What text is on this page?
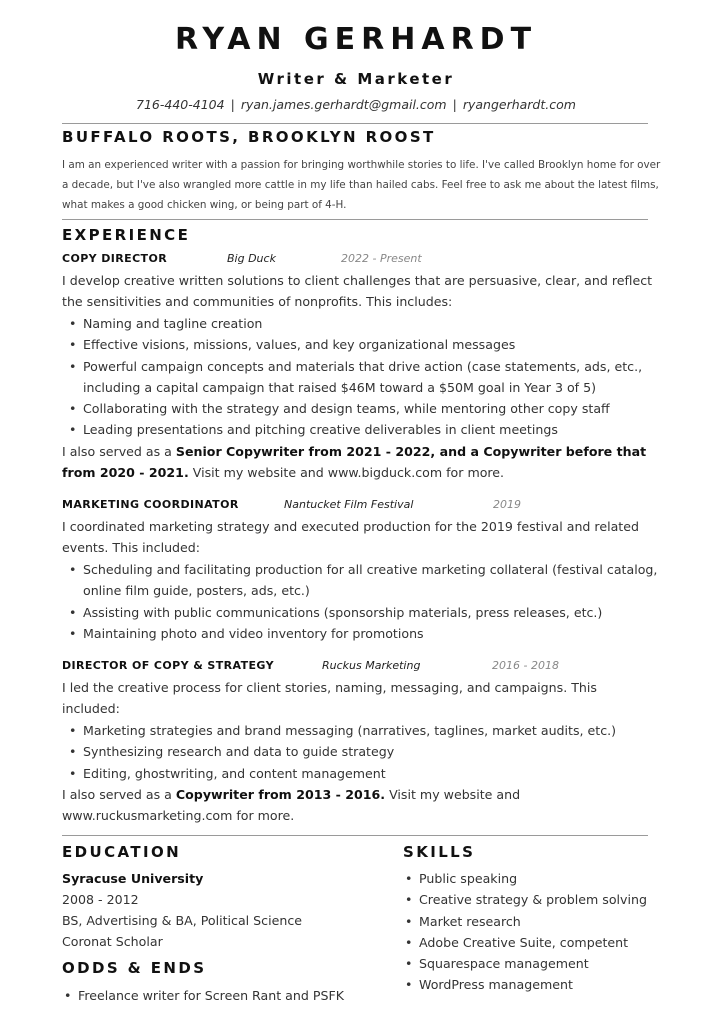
RYAN GERHARDT
Writer & Marketer
716-440-4104 | ryan.james.gerhardt@gmail.com | ryangerhardt.com
BUFFALO ROOTS, BROOKLYN ROOST

I am an experienced writer with a passion for bringing worthwhile stories to life. I've called Brooklyn home for over a decade, but I've also wrangled more cattle in my life than hailed cabs. Feel free to ask me about the latest films, what makes a good chicken wing, or being part of 4-H.

EXPERIENCE
COPY DIRECTOR	Big Duck	2022 - Present

I develop creative written solutions to client challenges that are persuasive, clear, and reflect the sensitivities and communities of nonprofits. This includes:

• Naming and tagline creation
• Effective visions, missions, values, and key organizational messages
• Powerful campaign concepts and materials that drive action (case statements, ads, etc., including a capital campaign that raised $46M toward a $50M goal in Year 3 of 5)
• Collaborating with the strategy and design teams, while mentoring other copy staff
• Leading presentations and pitching creative deliverables in client meetings

I also served as a Senior Copywriter from 2021 - 2022, and a Copywriter before that from 2020 - 2021. Visit my website and www.bigduck.com for more.

MARKETING COORDINATOR	Nantucket Film Festival	2019

I coordinated marketing strategy and executed production for the 2019 festival and related events. This included:

• Scheduling and facilitating production for all creative marketing collateral (festival catalog, online film guide, posters, ads, etc.)
• Assisting with public communications (sponsorship materials, press releases, etc.)
• Maintaining photo and video inventory for promotions
DIRECTOR OF COPY & STRATEGY	Ruckus Marketing	2016 - 2018

I led the creative process for client stories, naming, messaging, and campaigns. This included:

• Marketing strategies and brand messaging (narratives, taglines, market audits, etc.)
• Synthesizing research and data to guide strategy
• Editing, ghostwriting, and content management

I also served as a Copywriter from 2013 - 2016. Visit my website and www.ruckusmarketing.com for more.

EDUCATION
Syracuse University
2008 - 2012
BS, Advertising & BA, Political Science
Coronat Scholar
ODDS & ENDS
• Freelance writer for Screen Rant and PSFK
SKILLS
• Public speaking
• Creative strategy & problem solving
• Market research
• Adobe Creative Suite, competent
• Squarespace management
• WordPress management
